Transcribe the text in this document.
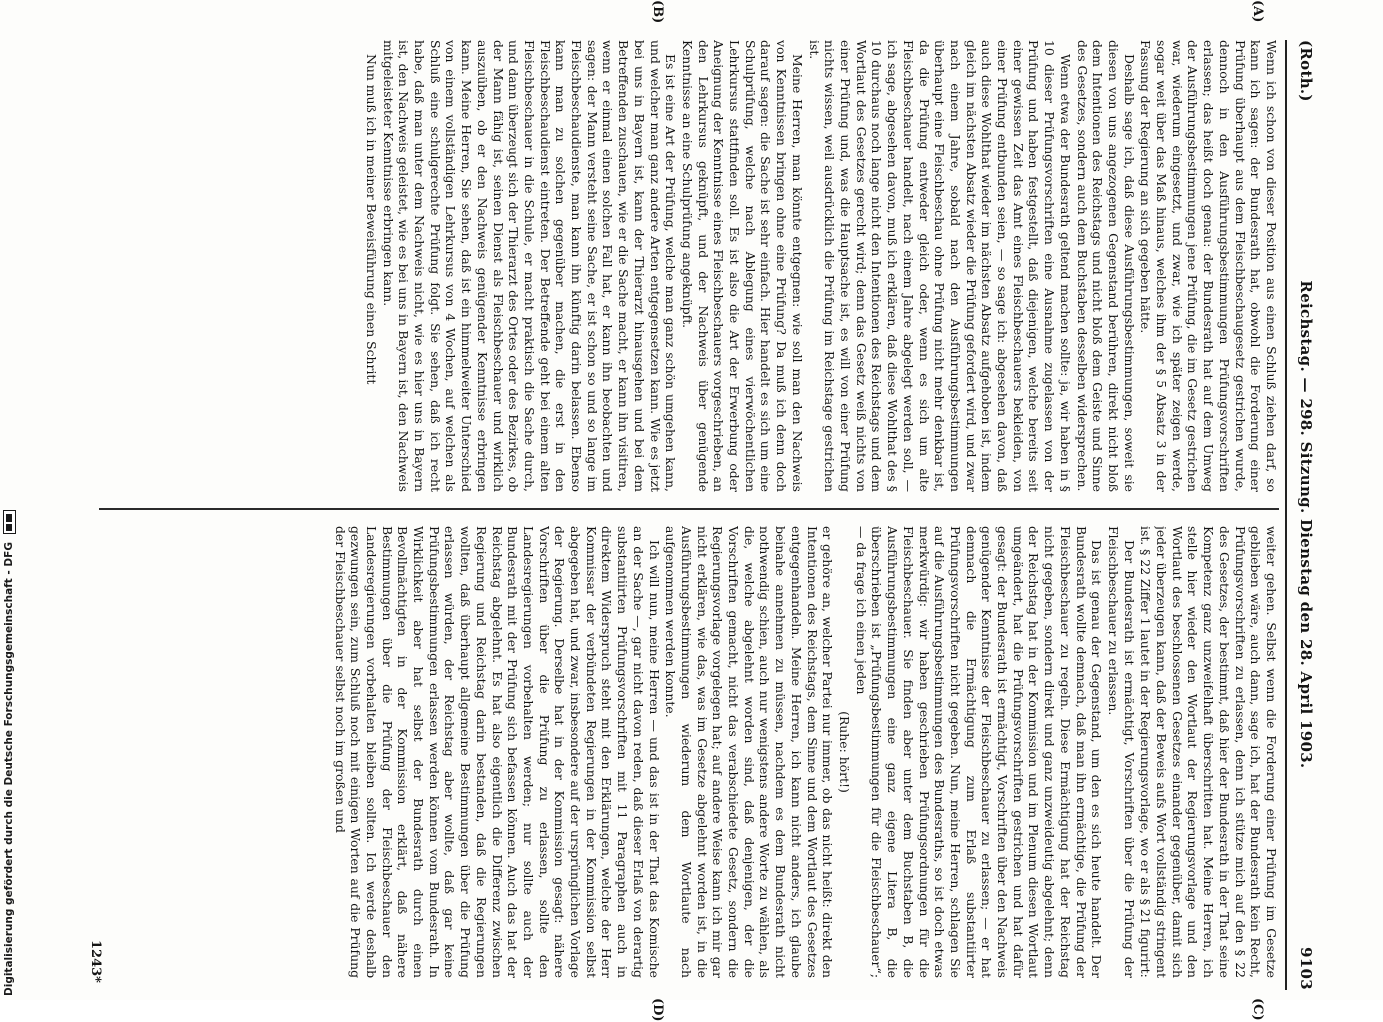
(Roth.)
Reichstag. — 298. Sitzung. Dienstag den 28. April 1903.
9103
(A)
(B)
(C)
(D)

Wenn ich schon von dieser Position aus einen Schluß ziehen darf, so kann ich sagen: der Bundesrath hat, obwohl die Forderung einer Prüfung überhaupt aus dem Fleischbeschaugesetz gestrichen wurde, dennoch in den Ausführungsbestimmungen Prüfungsvorschriften erlassen; das heißt doch genau: der Bundesrath hat auf dem Umweg der Ausführungsbestimmungen jene Prüfung, die im Gesetz gestrichen war, wiederum eingesetzt, und zwar, wie ich später zeigen werde, sogar weit über das Maß hinaus, welches ihm der § 5 Absatz 3 in der Fassung der Regierung an sich gegeben hätte.

Deshalb sage ich, daß diese Ausführungsbestimmungen, soweit sie diesen von uns angezogenen Gegenstand berühren, direkt nicht bloß dem Intentionen des Reichstags und nicht bloß dem Geiste und Sinne des Gesetzes, sondern auch dem Buchstaben desselben widersprechen.

Wenn etwa der Bundesrath geltend machen sollte: ja, wir haben in § 10 dieser Prüfungsvorschriften eine Ausnahme zugelassen von der Prüfung und haben festgestellt, daß diejenigen, welche bereits seit einer gewissen Zeit das Amt eines Fleischbeschauers bekleiden, von einer Prüfung entbunden seien, — so sage ich: abgesehen davon, daß auch diese Wohlthat wieder im nächsten Absatz aufgehoben ist, indem gleich im nächsten Absatz wieder die Prüfung gefordert wird, und zwar nach einem Jahre, sobald nach den Ausführungsbestimmungen überhaupt eine Fleischbeschau ohne Prüfung nicht mehr denkbar ist, da die Prüfung entweder gleich oder, wenn es sich um alte Fleischbeschauer handelt, nach einem Jahre abgelegt werden soll, — ich sage, abgesehen davon, muß ich erklären, daß diese Wohlthat des § 10 durchaus noch lange nicht den Intentionen des Reichstags und dem Wortlaut des Gesetzes gerecht wird; denn das Gesetz weiß nichts von einer Prüfung und, was die Hauptsache ist, es will von einer Prüfung nichts wissen, weil ausdrücklich die Prüfung im Reichstage gestrichen ist.

Meine Herren, man könnte entgegnen: wie soll man den Nachweis von Kenntnissen bringen ohne eine Prüfung? Da muß ich denn doch darauf sagen: die Sache ist sehr einfach. Hier handelt es sich um eine Schulprüfung, welche nach Ablegung eines vierwöchentlichen Lehrkursus stattfinden soll. Es ist also die Art der Erwerbung oder Aneignung der Kenntnisse eines Fleischbeschauers vorgeschrieben, an den Lehrkursus geknüpft, und der Nachweis über genügende Kenntnisse an eine Schulprüfung angeknüpft.

Es ist eine Art der Prüfung, welche man ganz schön umgehen kann, und welcher man ganz andere Arten entgegensetzen kann. Wie es jetzt bei uns in Bayern ist, kann der Thierarzt hinausgehen und bei dem Betreffenden zuschauen, wie er die Sache macht, er kann ihn visitiren, wenn er einmal einen solchen Fall hat, er kann ihn beobachten und sagen: der Mann versteht seine Sache, er ist schon so und so lange im Fleischbeschaudienste, man kann ihn künftig darin belassen. Ebenso kann man zu solchen gegenüber machen, die erst in den Fleischbeschaudienst eintreten. Der Betreffende geht bei einem alten Fleischbeschauer in die Schule, er macht praktisch die Sache durch, und dann überzeugt sich der Thierarzt des Ortes oder des Bezirkes, ob der Mann fähig ist, seinen Dienst als Fleischbeschauer und wirklich auszuüben, ob er den Nachweis genügender Kenntnisse erbringen kann. Meine Herren, Sie sehen, daß ist ein himmelweiter Unterschied von einem vollständigen Lehrkursus von 4 Wochen, auf welchen als Schluß eine schulgerechte Prüfung folgt. Sie sehen, daß ich recht habe, daß man unter dem Nachweis nicht, wie es hier uns in Bayern ist, den Nachweis geleistet, wie es bei uns in Bayern ist, den Nachweis mitgeleisteter Kenntnisse erbringen kann.

Nun muß ich in meiner Beweisführung einen Schritt

weiter gehen. Selbst wenn die Forderung einer Prüfung im Gesetze geblieben wäre, auch dann, sage ich, hat der Bundesrath kein Recht, Prüfungsvorschriften zu erlassen, denn ich stütze mich auf den § 22 des Gesetzes, der bestimmt, daß hier der Bundesrath in der That seine Kompetenz ganz unzweifelhaft überschritten hat. Meine Herren, ich stelle hier wieder den Wortlaut der Regierungsvorlage und den Wortlaut des beschlossenen Gesetzes einander gegenüber, damit sich jeder überzeugen kann, daß der Beweis aufs Wort vollständig stringent ist. § 22 Ziffer 1 lautet in der Regierungsvorlage, wo er als § 21 figurirt:

Der Bundesrath ist ermächtigt, Vorschriften über die Prüfung der Fleischbeschauer zu erlassen.

Das ist genau der Gegenstand, um den es sich heute handelt. Der Bundesrath wollte demnach, daß man ihn ermächtige, die Prüfung der Fleischbeschauer zu regeln. Diese Ermächtigung hat der Reichstag nicht gegeben, sondern direkt und ganz unzweideutig abgelehnt; denn der Reichstag hat in der Kommission und im Plenum diesen Wortlaut umgeändert, hat die Prüfungsvorschriften gestrichen und hat dafür gesagt: der Bundesrath ist ermächtigt, Vorschriften über den Nachweis genügender Kenntnisse der Fleischbeschauer zu erlassen; — er hat demnach die Ermächtigung zum Erlaß substantiirter Prüfungsvorschriften nicht gegeben. Nun, meine Herren, schlagen Sie auf die Ausführungsbestimmungen des Bundesraths, so ist doch etwas merkwürdig: wir haben geschrieben Prüfungsordnungen für die Fleischbeschauer. Sie finden aber unter dem Buchstaben B, die Ausführungsbestimmungen eine ganz eigene Litera B, die überschrieben ist „Prüfungsbestimmungen für die Fleischbeschauer“; — da frage ich einen jeden

(Ruhe: hört!)

er gehöre an, welcher Partei nur immer, ob das nicht heißt: direkt den Intentionen des Reichstags, dem Sinne und dem Wortlaut des Gesetzes entgegenhandeln. Meine Herren, ich kann nicht anders, ich glaube beinahe annehmen zu müssen, nachdem es dem Bundesrath nicht nothwendig schien, auch nur wenigstens andere Worte zu wählen, als die, welche abgelehnt worden sind, daß denjenigen, der die Vorschriften gemacht, nicht das verabschiedete Gesetz, sondern die Regierungsvorlage vorgelegen hat; auf andere Weise kann ich mir gar nicht erklären, wie das, was im Gesetze abgelehnt worden ist, in die Ausführungsbestimmungen wiederum dem Wortlaute nach aufgenommen werden konnte.

Ich will nun, meine Herren — und das ist in der That das Komische an der Sache —, gar nicht davon reden, daß dieser Erlaß von derartig substantiirten Prüfungsvorschriften mit 11 Paragraphen auch in direktem Widerspruch steht mit den Erklärungen, welche der Herr Kommissar der verbündeten Regierungen in der Kommission selbst abgegeben hat, und zwar, insbesondere auf der ursprünglichen Vorlage der Regierung. Derselbe hat in der Kommission gesagt: nähere Vorschriften über die Prüfung zu erlassen, sollte den Landesregierungen vorbehalten werden; nur sollte auch der Bundesrath mit der Prüfung sich befassen können. Auch das hat der Reichstag abgelehnt. Es hat also eigentlich die Differenz zwischen Regierung und Reichstag darin bestanden, daß die Regierungen wollten, daß überhaupt allgemeine Bestimmungen über die Prüfung erlassen würden, der Reichstag aber wollte, daß gar keine Prüfungsbestimmungen erlassen werden können vom Bundesrath. In Wirklichkeit aber hat selbst der Bundesrath durch einen Bevollmächtigten in der Kommission erklärt, daß nähere Bestimmungen über die Prüfung der Fleischbeschauer den Landesregierungen vorbehalten bleiben sollten. Ich werde deshalb gezwungen sein, zum Schluß noch mit einigen Worten auf die Prüfung der Fleischbeschauer selbst noch im großen und

1243*
Digitalisierung gefördert durch die Deutsche Forschungsgemeinschaft - DFG
